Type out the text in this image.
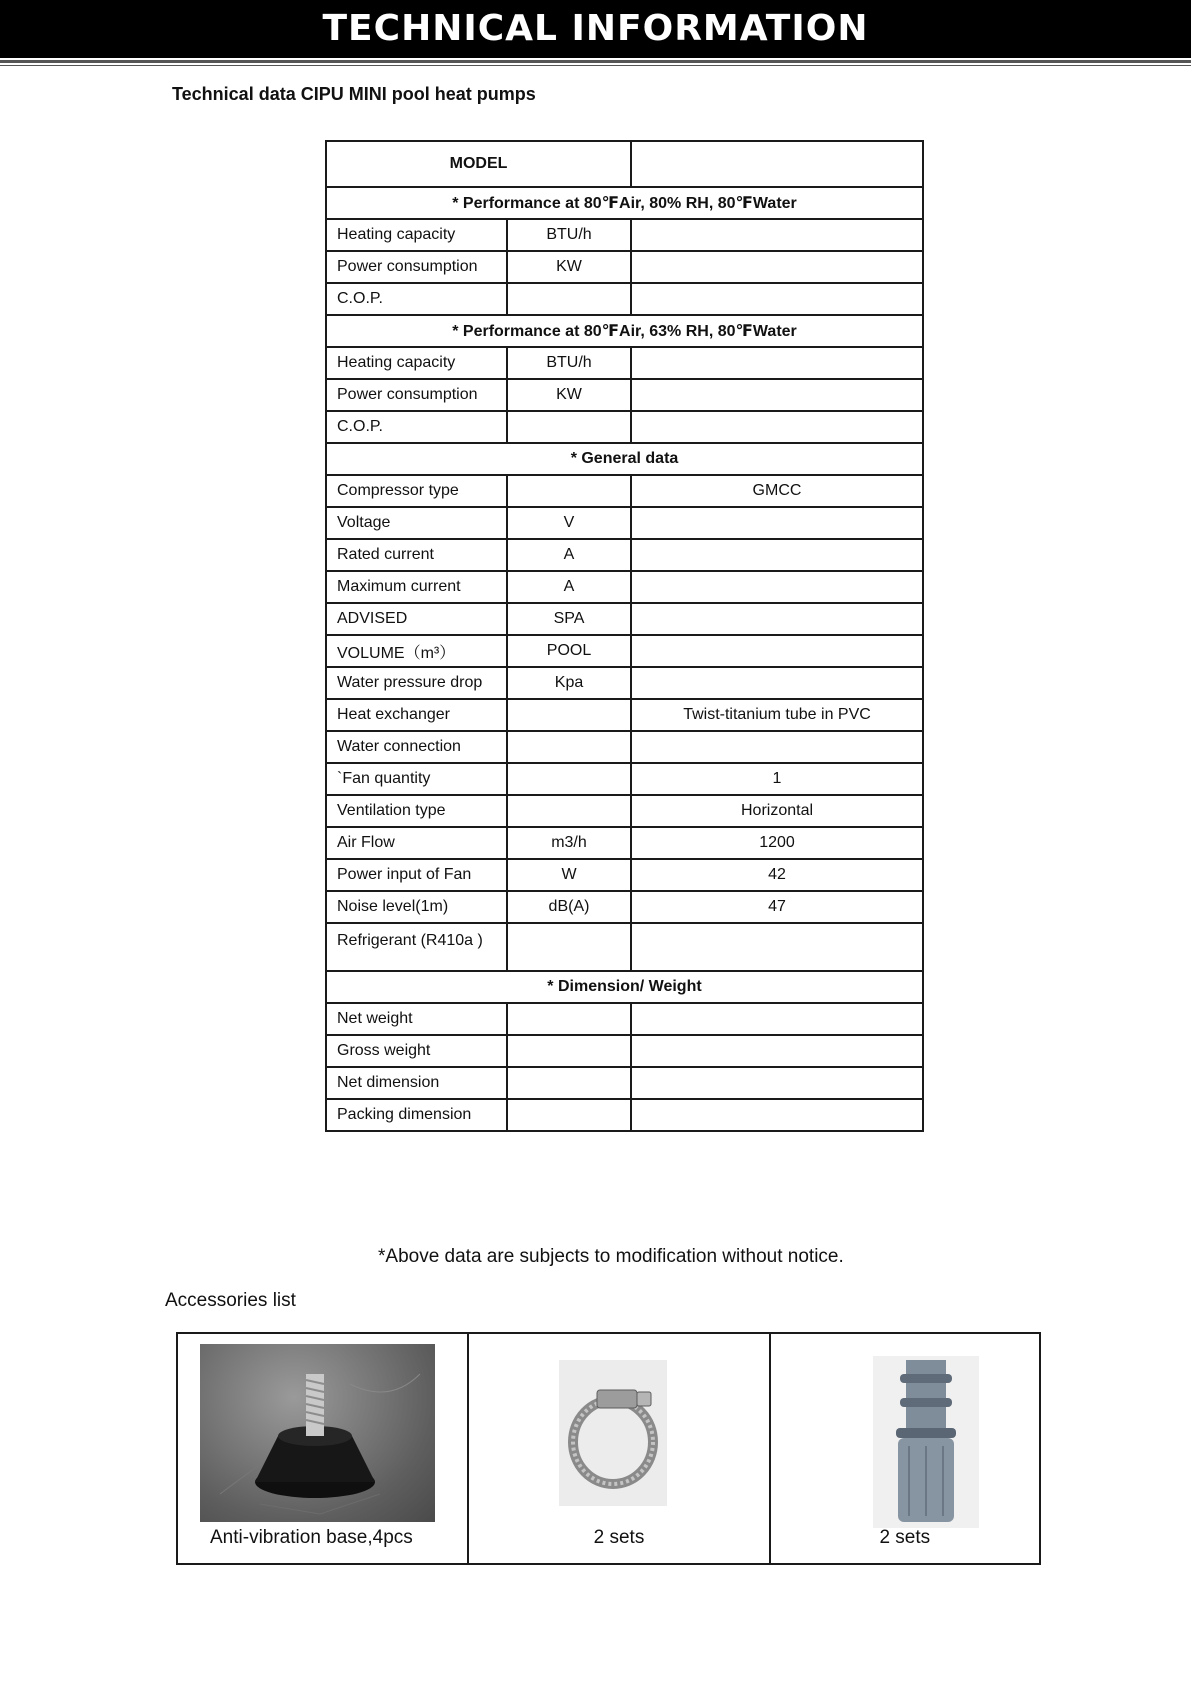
TECHNICAL INFORMATION
Technical data CIPU MINI pool heat pumps
MODEL		
* Performance at 80℉Air, 80% RH, 80℉Water		
Heating capacity	BTU/h	
Power consumption	KW	
C.O.P.		
* Performance at 80℉Air, 63% RH, 80℉Water		
Heating capacity	BTU/h	
Power consumption	KW	
C.O.P.		
* General data		
Compressor type		GMCC
Voltage	V	
Rated current	A	
Maximum current	A	
ADVISED	SPA	
VOLUME（m³）	POOL	
Water pressure drop	Kpa	
Heat exchanger		Twist-titanium tube in PVC
Water connection		
`Fan quantity		1
Ventilation type		Horizontal
Air Flow	m3/h	1200
Power input of Fan	W	42
Noise level(1m)	dB(A)	47
Refrigerant (R410a )		
* Dimension/ Weight		
Net weight		
Gross weight		
Net dimension		
Packing dimension		
*Above data are subjects to modification without notice.
Accessories list
Anti-vibration base,4pcs	2 sets	2 sets
